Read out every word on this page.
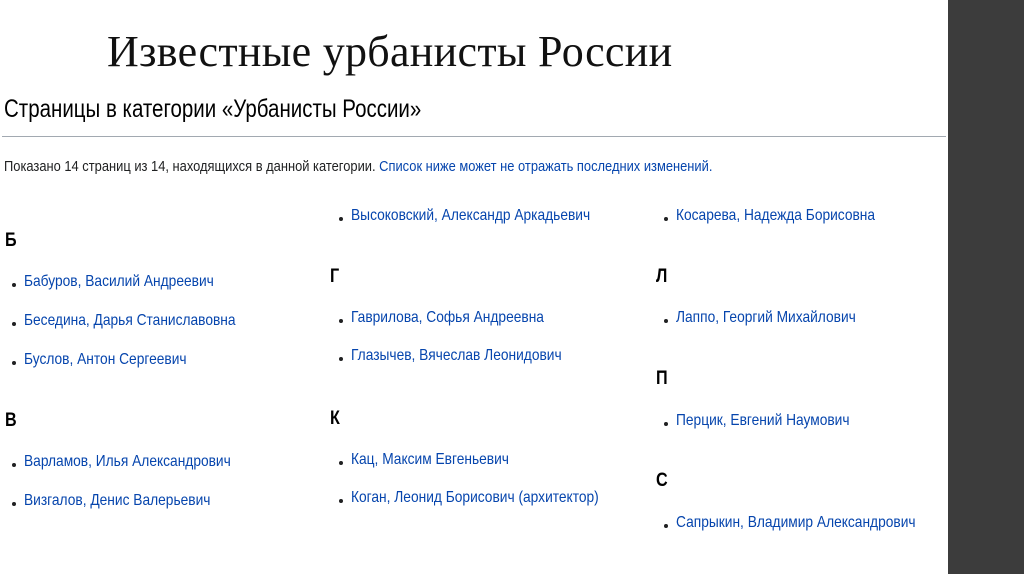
Известные урбанисты России
Страницы в категории «Урбанисты России»
Показано 14 страниц из 14, находящихся в данной категории. Список ниже может не отражать последних изменений.
Б
Бабуров, Василий Андреевич
Беседина, Дарья Станиславовна
Буслов, Антон Сергеевич
В
Варламов, Илья Александрович
Визгалов, Денис Валерьевич
Высоковский, Александр Аркадьевич
Г
Гаврилова, Софья Андреевна
Глазычев, Вячеслав Леонидович
К
Кац, Максим Евгеньевич
Коган, Леонид Борисович (архитектор)
Косарева, Надежда Борисовна
Л
Лаппо, Георгий Михайлович
П
Перцик, Евгений Наумович
С
Сапрыкин, Владимир Александрович
